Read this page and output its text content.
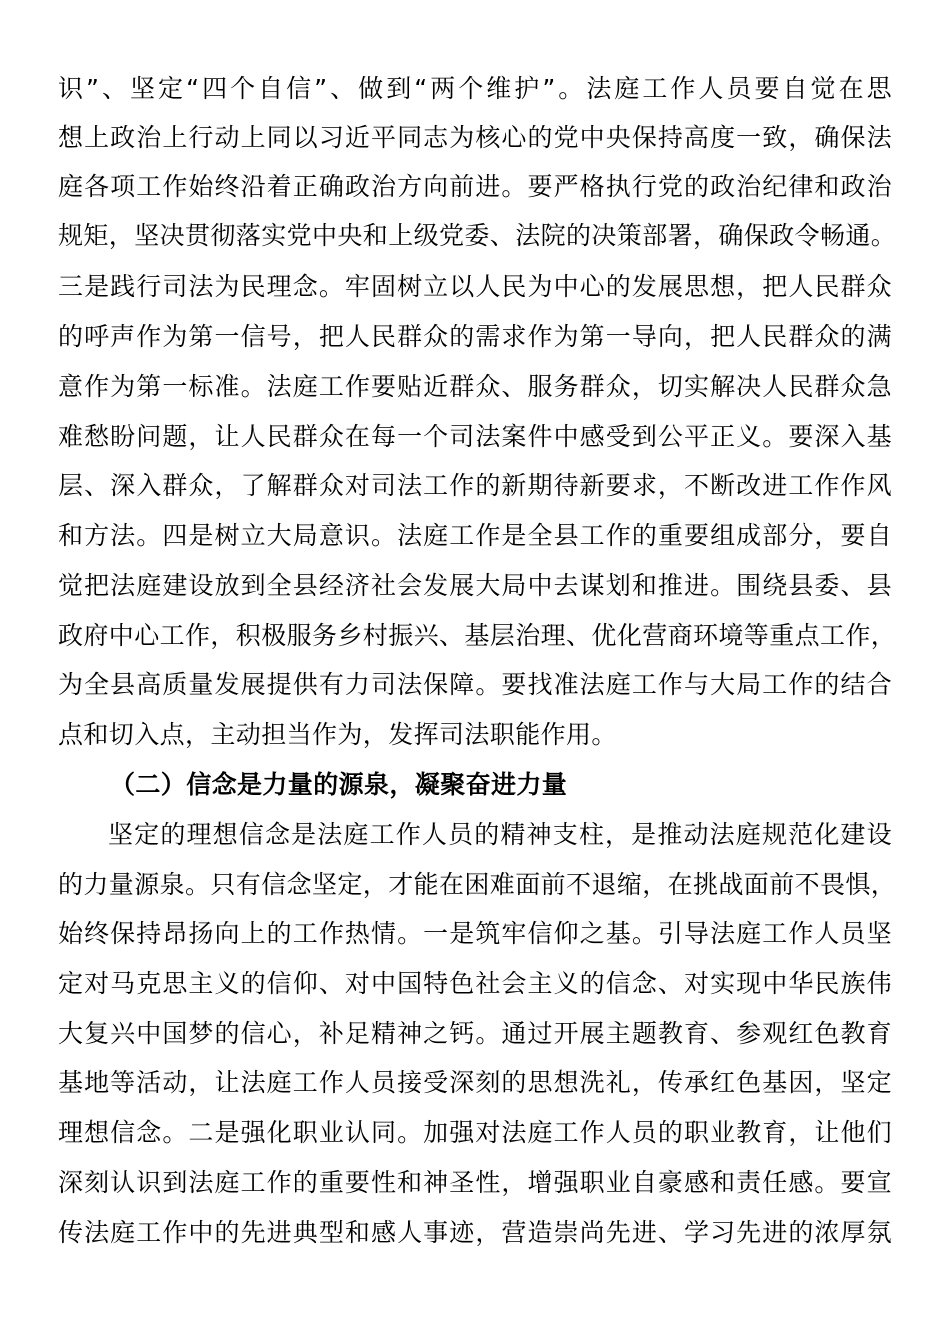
识”、坚定“四个自信”、做到“两个维护”。法庭工作人员要自觉在思
想上政治上行动上同以习近平同志为核心的党中央保持高度一致，确保法
庭各项工作始终沿着正确政治方向前进。要严格执行党的政治纪律和政治
规矩，坚决贯彻落实党中央和上级党委、法院的决策部署，确保政令畅通。
三是践行司法为民理念。牢固树立以人民为中心的发展思想，把人民群众
的呼声作为第一信号，把人民群众的需求作为第一导向，把人民群众的满
意作为第一标准。法庭工作要贴近群众、服务群众，切实解决人民群众急
难愁盼问题，让人民群众在每一个司法案件中感受到公平正义。要深入基
层、深入群众，了解群众对司法工作的新期待新要求，不断改进工作作风
和方法。四是树立大局意识。法庭工作是全县工作的重要组成部分，要自
觉把法庭建设放到全县经济社会发展大局中去谋划和推进。围绕县委、县
政府中心工作，积极服务乡村振兴、基层治理、优化营商环境等重点工作，
为全县高质量发展提供有力司法保障。要找准法庭工作与大局工作的结合
点和切入点，主动担当作为，发挥司法职能作用。
（二）信念是力量的源泉，凝聚奋进力量
坚定的理想信念是法庭工作人员的精神支柱，是推动法庭规范化建设
的力量源泉。只有信念坚定，才能在困难面前不退缩，在挑战面前不畏惧，
始终保持昂扬向上的工作热情。一是筑牢信仰之基。引导法庭工作人员坚
定对马克思主义的信仰、对中国特色社会主义的信念、对实现中华民族伟
大复兴中国梦的信心，补足精神之钙。通过开展主题教育、参观红色教育
基地等活动，让法庭工作人员接受深刻的思想洗礼，传承红色基因，坚定
理想信念。二是强化职业认同。加强对法庭工作人员的职业教育，让他们
深刻认识到法庭工作的重要性和神圣性，增强职业自豪感和责任感。要宣
传法庭工作中的先进典型和感人事迹，营造崇尚先进、学习先进的浓厚氛
